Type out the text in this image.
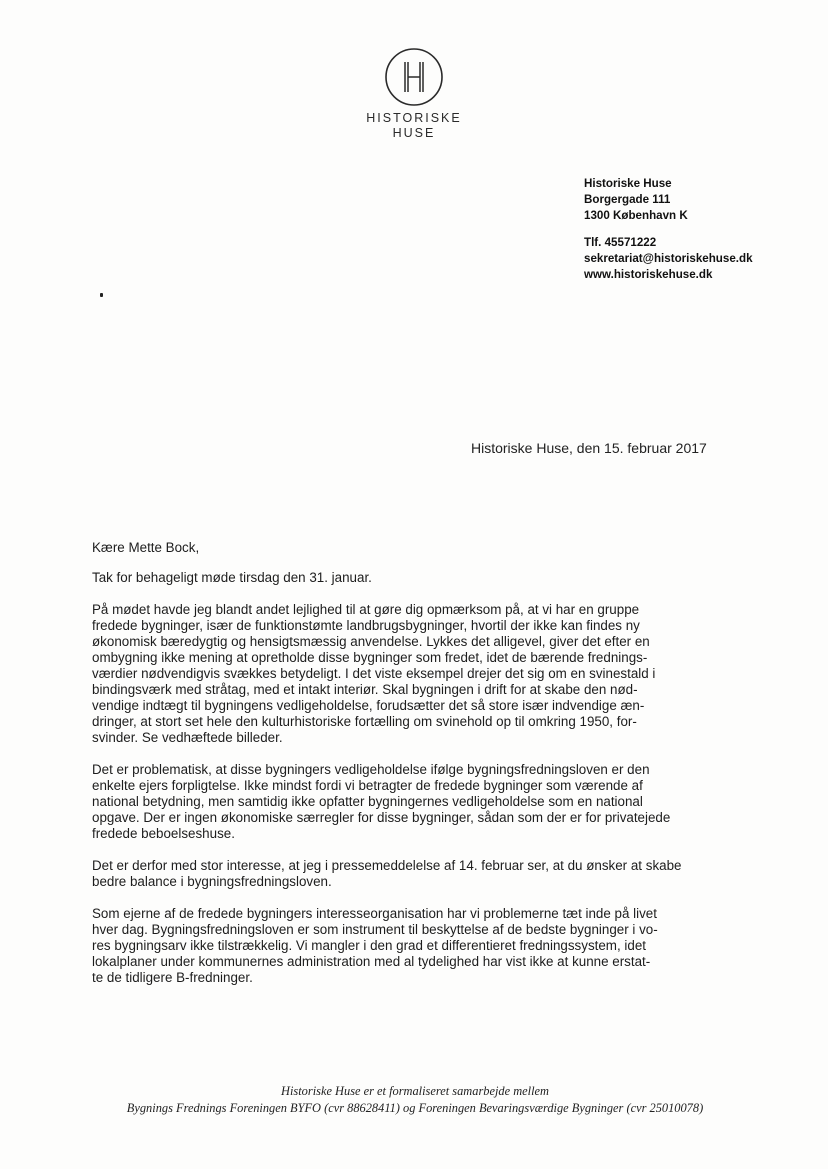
HISTORISKE
HUSE
Historiske Huse
Borgergade 111
1300 København K
Tlf. 45571222
sekretariat@historiskehuse.dk
www.historiskehuse.dk
Historiske Huse, den 15. februar 2017

Kære Mette Bock,

Tak for behageligt møde tirsdag den 31. januar.

På mødet havde jeg blandt andet lejlighed til at gøre dig opmærksom på, at vi har en gruppe
fredede bygninger, især de funktionstømte landbrugsbygninger, hvortil der ikke kan findes ny
økonomisk bæredygtig og hensigtsmæssig anvendelse. Lykkes det alligevel, giver det efter en
ombygning ikke mening at opretholde disse bygninger som fredet, idet de bærende frednings-
værdier nødvendigvis svækkes betydeligt. I det viste eksempel drejer det sig om en svinestald i
bindingsværk med stråtag, med et intakt interiør. Skal bygningen i drift for at skabe den nød-
vendige indtægt til bygningens vedligeholdelse, forudsætter det så store især indvendige æn-
dringer, at stort set hele den kulturhistoriske fortælling om svinehold op til omkring 1950, for-
svinder. Se vedhæftede billeder.

Det er problematisk, at disse bygningers vedligeholdelse ifølge bygningsfredningsloven er den
enkelte ejers forpligtelse. Ikke mindst fordi vi betragter de fredede bygninger som værende af
national betydning, men samtidig ikke opfatter bygningernes vedligeholdelse som en national
opgave. Der er ingen økonomiske særregler for disse bygninger, sådan som der er for privatejede
fredede beboelseshuse.

Det er derfor med stor interesse, at jeg i pressemeddelelse af 14. februar ser, at du ønsker at skabe
bedre balance i bygningsfredningsloven.

Som ejerne af de fredede bygningers interesseorganisation har vi problemerne tæt inde på livet
hver dag. Bygningsfredningsloven er som instrument til beskyttelse af de bedste bygninger i vo-
res bygningsarv ikke tilstrækkelig. Vi mangler i den grad et differentieret fredningssystem, idet
lokalplaner under kommunernes administration med al tydelighed har vist ikke at kunne erstat-
te de tidligere B-fredninger.

Historiske Huse er et formaliseret samarbejde mellem
Bygnings Frednings Foreningen BYFO (cvr 88628411) og Foreningen Bevaringsværdige Bygninger (cvr 25010078)
